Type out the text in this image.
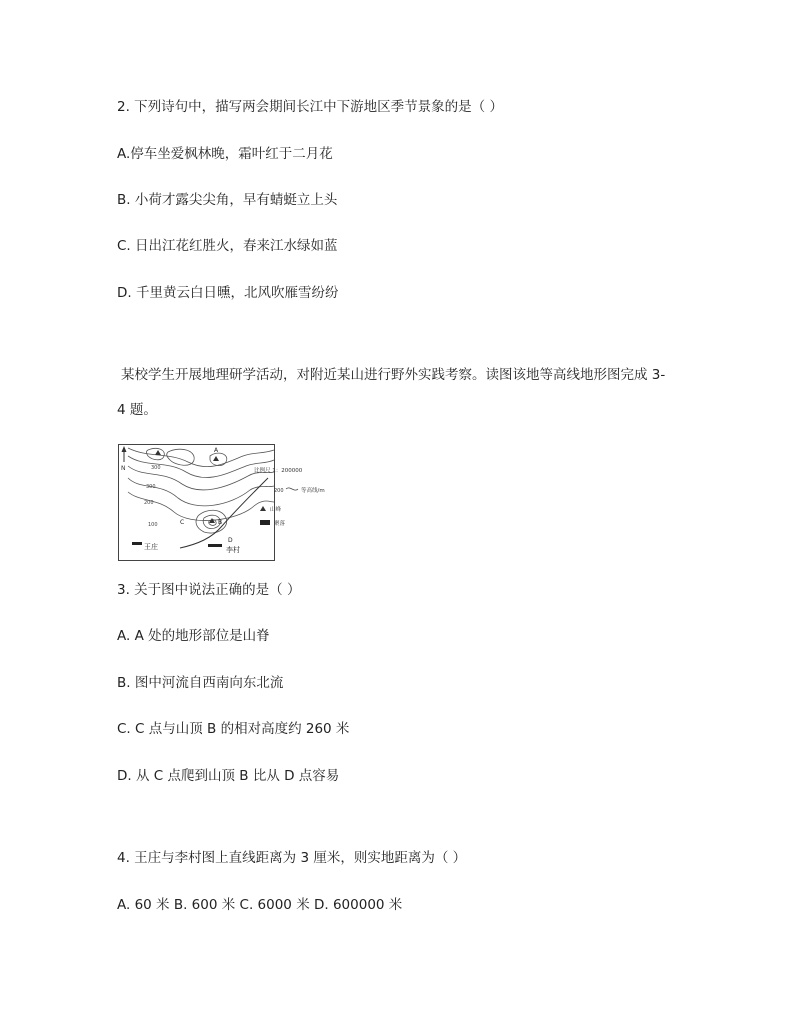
2. 下列诗句中，描写两会期间长江中下游地区季节景象的是（ ）
A.停车坐爱枫林晚，霜叶红于二月花
B. 小荷才露尖尖角，早有蜻蜓立上头
C. 日出江花红胜火，春来江水绿如蓝
D. 千里黄云白日曛，北风吹雁雪纷纷
某校学生开展地理研学活动，对附近某山进行野外实践考察。读图该地等高线地形图完成 3-
4 题。
N	300
300
200
100
A
B
C
D
王庄	李村
比例尺 1：200000
200	等高线/m
山峰
聚落
3. 关于图中说法正确的是（ ）
A. A 处的地形部位是山脊
B. 图中河流自西南向东北流
C. C 点与山顶 B 的相对高度约 260 米
D. 从 C 点爬到山顶 B 比从 D 点容易
4. 王庄与李村图上直线距离为 3 厘米，则实地距离为（ ）
A. 60 米 B. 600 米 C. 6000 米 D. 600000 米
